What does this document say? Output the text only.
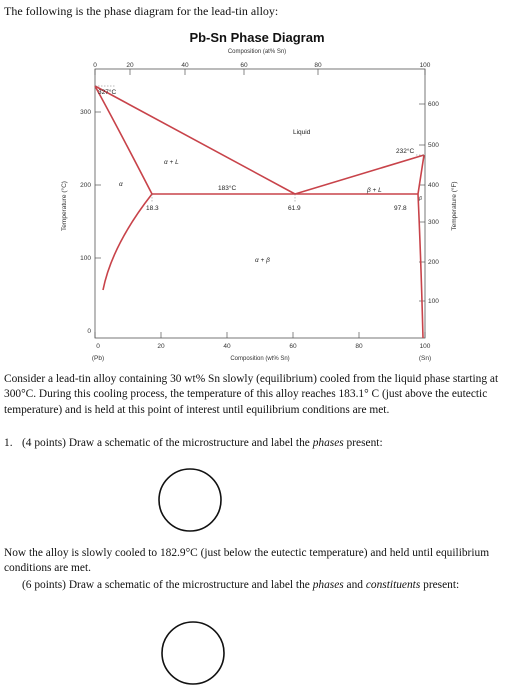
The following is the phase diagram for the lead-tin alloy:
Pb-Sn Phase Diagram
Composition (at% Sn)
0	20	40	60	80	100
0	20	40	60	80	100
(Pb)	Composition (wt% Sn)	(Sn)
0
100
200
300
Temperature (°C)
100
200
300
400
500
600
Temperature (°F)
327°C
232°C
183°C
Liquid
α + L
β + L
α + β
α
β
18.3	61.9	97.8
Consider a lead-tin alloy containing 30 wt% Sn slowly (equilibrium) cooled from the liquid phase starting at 300°C. During this cooling process, the temperature of this alloy reaches 183.1° C (just above the eutectic temperature) and is held at this point of interest until equilibrium conditions are met.
1. (4 points) Draw a schematic of the microstructure and label the phases present:
Now the alloy is slowly cooled to 182.9°C (just below the eutectic temperature) and held until equilibrium conditions are met.
(6 points) Draw a schematic of the microstructure and label the phases and constituents present:
